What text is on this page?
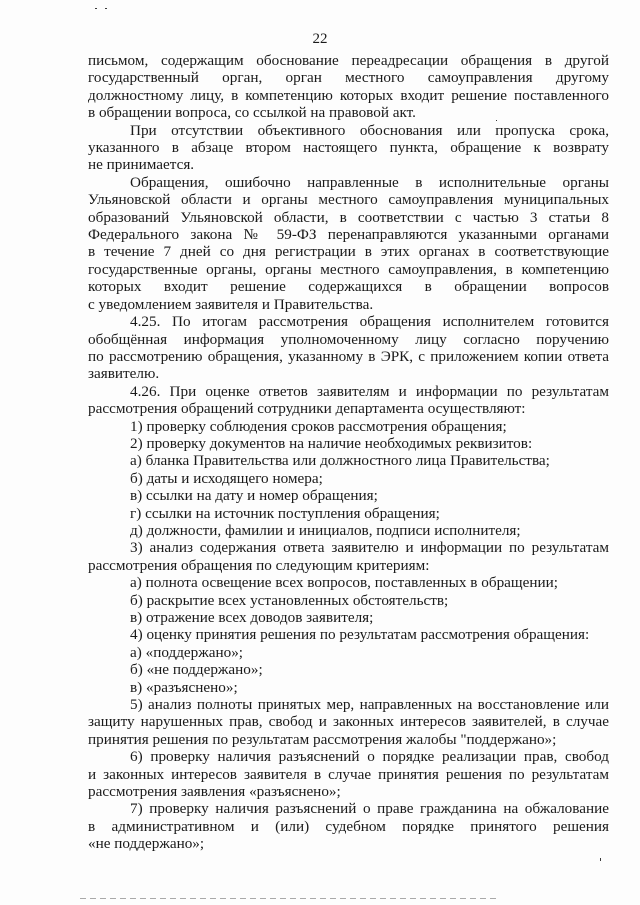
22
письмом, содержащим обоснование переадресации обращения в другой
государственный орган, орган местного самоуправления другому
должностному лицу, в компетенцию которых входит решение поставленного
в обращении вопроса, со ссылкой на правовой акт.
При отсутствии объективного обоснования или пропуска срока,
указанного в абзаце втором настоящего пункта, обращение к возврату
не принимается.
Обращения, ошибочно направленные в исполнительные органы
Ульяновской области и органы местного самоуправления муниципальных
образований Ульяновской области, в соответствии с частью 3 статьи 8
Федерального закона № 59-ФЗ перенаправляются указанными органами
в течение 7 дней со дня регистрации в этих органах в соответствующие
государственные органы, органы местного самоуправления, в компетенцию
которых входит решение содержащихся в обращении вопросов
с уведомлением заявителя и Правительства.
4.25. По итогам рассмотрения обращения исполнителем готовится
обобщённая информация уполномоченному лицу согласно поручению
по рассмотрению обращения, указанному в ЭРК, с приложением копии ответа
заявителю.
4.26. При оценке ответов заявителям и информации по результатам
рассмотрения обращений сотрудники департамента осуществляют:
1) проверку соблюдения сроков рассмотрения обращения;
2) проверку документов на наличие необходимых реквизитов:
а) бланка Правительства или должностного лица Правительства;
б) даты и исходящего номера;
в) ссылки на дату и номер обращения;
г) ссылки на источник поступления обращения;
д) должности, фамилии и инициалов, подписи исполнителя;
3) анализ содержания ответа заявителю и информации по результатам
рассмотрения обращения по следующим критериям:
а) полнота освещение всех вопросов, поставленных в обращении;
б) раскрытие всех установленных обстоятельств;
в) отражение всех доводов заявителя;
4) оценку принятия решения по результатам рассмотрения обращения:
а) «поддержано»;
б) «не поддержано»;
в) «разъяснено»;
5) анализ полноты принятых мер, направленных на восстановление или
защиту нарушенных прав, свобод и законных интересов заявителей, в случае
принятия решения по результатам рассмотрения жалобы "поддержано»;
6) проверку наличия разъяснений о порядке реализации прав, свобод
и законных интересов заявителя в случае принятия решения по результатам
рассмотрения заявления «разъяснено»;
7) проверку наличия разъяснений о праве гражданина на обжалование
в административном и (или) судебном порядке принятого решения
«не поддержано»;
